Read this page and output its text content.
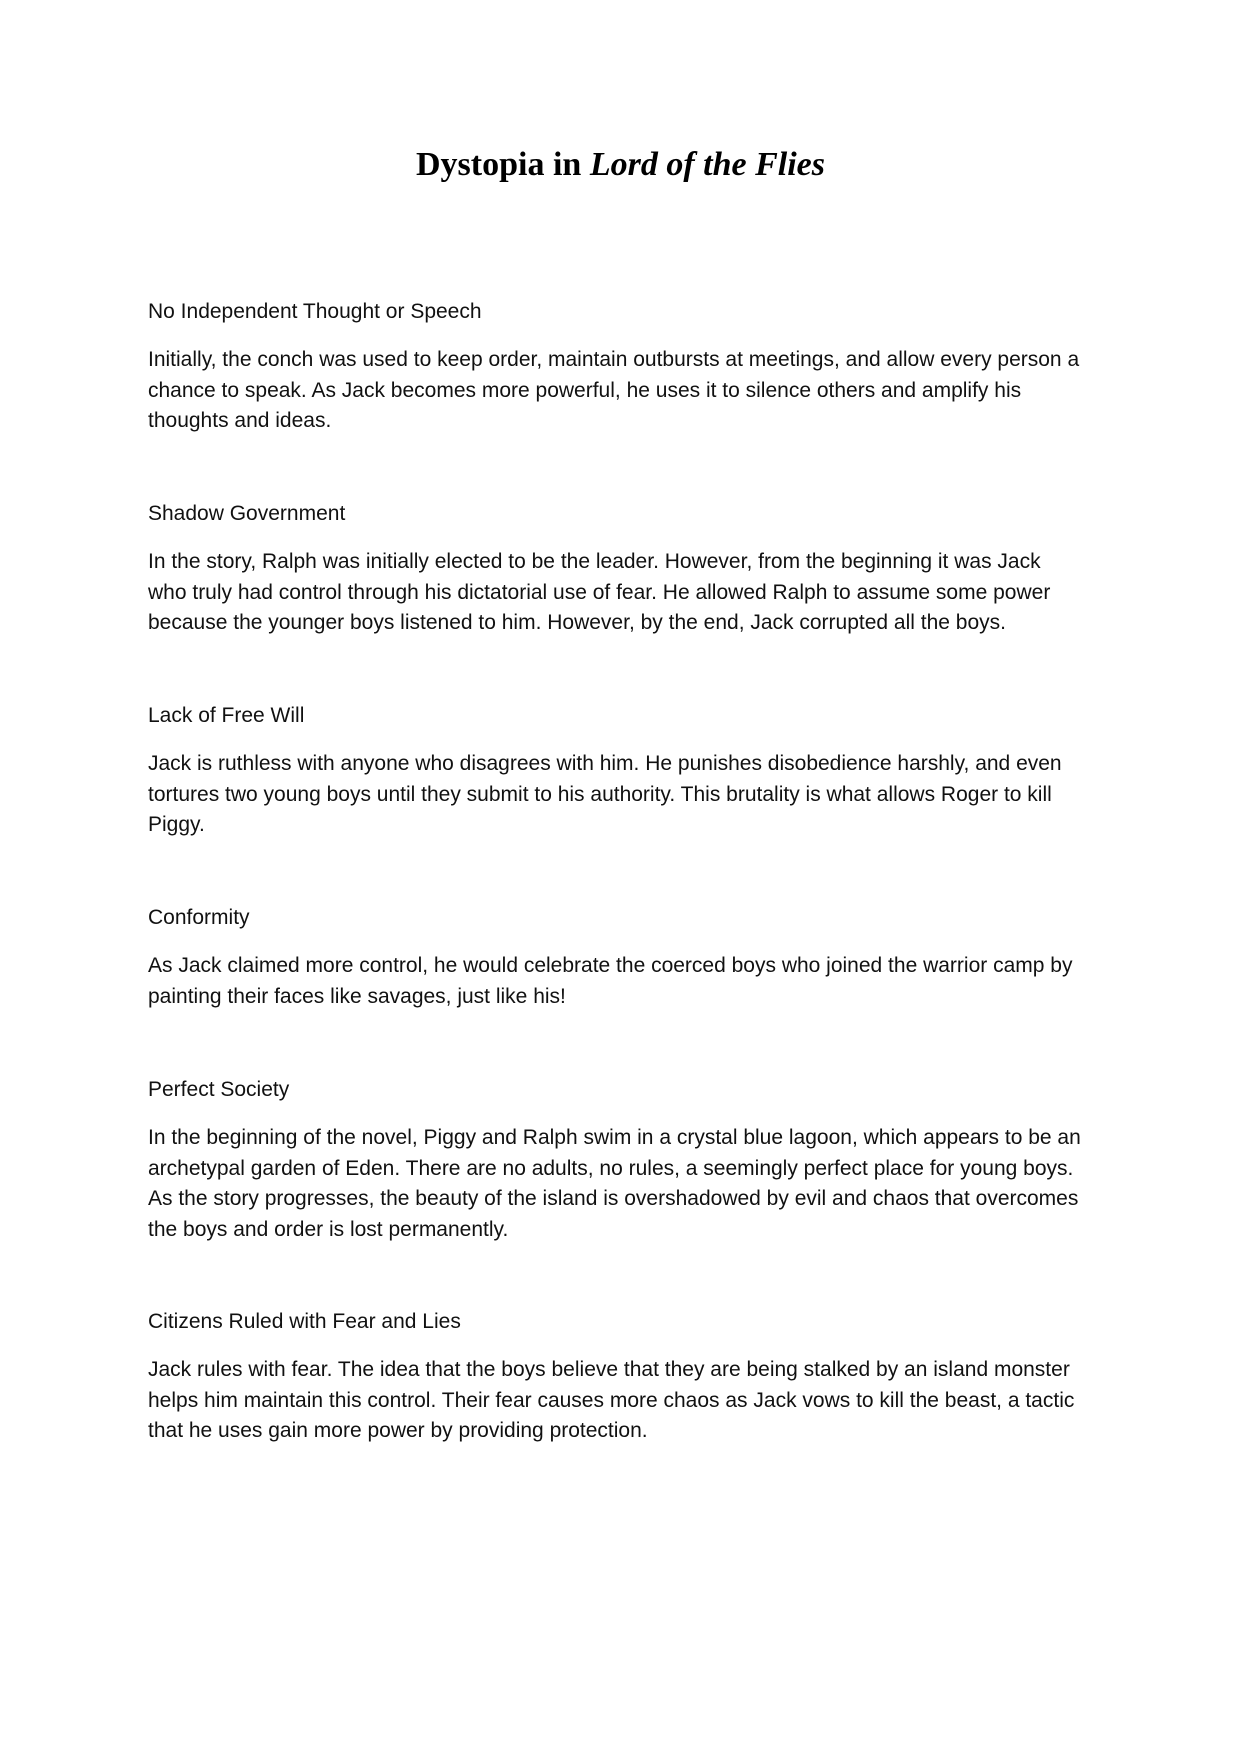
Dystopia in Lord of the Flies
No Independent Thought or Speech

Initially, the conch was used to keep order, maintain outbursts at meetings, and allow every person a
chance to speak. As Jack becomes more powerful, he uses it to silence others and amplify his
thoughts and ideas.

Shadow Government

In the story, Ralph was initially elected to be the leader. However, from the beginning it was Jack
who truly had control through his dictatorial use of fear. He allowed Ralph to assume some power
because the younger boys listened to him. However, by the end, Jack corrupted all the boys.

Lack of Free Will

Jack is ruthless with anyone who disagrees with him. He punishes disobedience harshly, and even
tortures two young boys until they submit to his authority. This brutality is what allows Roger to kill
Piggy.

Conformity

As Jack claimed more control, he would celebrate the coerced boys who joined the warrior camp by
painting their faces like savages, just like his!

Perfect Society

In the beginning of the novel, Piggy and Ralph swim in a crystal blue lagoon, which appears to be an
archetypal garden of Eden. There are no adults, no rules, a seemingly perfect place for young boys.
As the story progresses, the beauty of the island is overshadowed by evil and chaos that overcomes
the boys and order is lost permanently.

Citizens Ruled with Fear and Lies

Jack rules with fear. The idea that the boys believe that they are being stalked by an island monster
helps him maintain this control. Their fear causes more chaos as Jack vows to kill the beast, a tactic
that he uses gain more power by providing protection.
